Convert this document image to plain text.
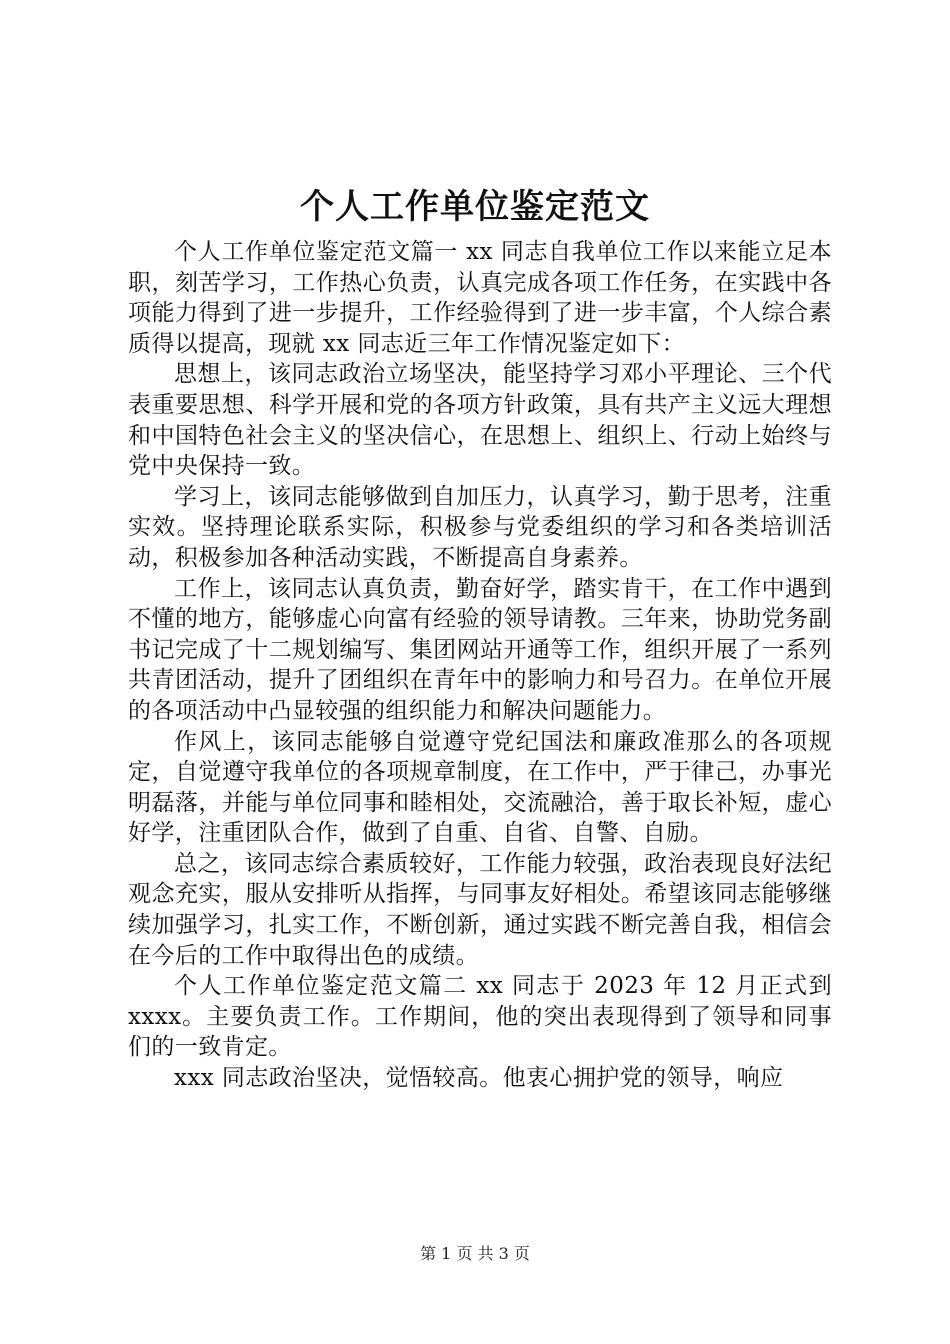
个人工作单位鉴定范文

个人工作单位鉴定范文篇一 xx 同志自我单位工作以来能立足本职，刻苦学习，工作热心负责，认真完成各项工作任务，在实践中各项能力得到了进一步提升，工作经验得到了进一步丰富，个人综合素质得以提高，现就 xx 同志近三年工作情况鉴定如下：

思想上，该同志政治立场坚决，能坚持学习邓小平理论、三个代表重要思想、科学开展和党的各项方针政策，具有共产主义远大理想和中国特色社会主义的坚决信心，在思想上、组织上、行动上始终与党中央保持一致。

学习上，该同志能够做到自加压力，认真学习，勤于思考，注重实效。坚持理论联系实际，积极参与党委组织的学习和各类培训活动，积极参加各种活动实践，不断提高自身素养。

工作上，该同志认真负责，勤奋好学，踏实肯干，在工作中遇到不懂的地方，能够虚心向富有经验的领导请教。三年来，协助党务副书记完成了十二规划编写、集团网站开通等工作，组织开展了一系列共青团活动，提升了团组织在青年中的影响力和号召力。在单位开展的各项活动中凸显较强的组织能力和解决问题能力。

作风上，该同志能够自觉遵守党纪国法和廉政准那么的各项规定，自觉遵守我单位的各项规章制度，在工作中，严于律己，办事光明磊落，并能与单位同事和睦相处，交流融洽，善于取长补短，虚心好学，注重团队合作，做到了自重、自省、自警、自励。

总之，该同志综合素质较好，工作能力较强，政治表现良好法纪观念充实，服从安排听从指挥，与同事友好相处。希望该同志能够继续加强学习，扎实工作，不断创新，通过实践不断完善自我，相信会在今后的工作中取得出色的成绩。

个人工作单位鉴定范文篇二 xx 同志于 2023 年 12 月正式到 xxxx。主要负责工作。工作期间，他的突出表现得到了领导和同事们的一致肯定。

xxx 同志政治坚决，觉悟较高。他衷心拥护党的领导，响应

第 1 页 共 3 页
